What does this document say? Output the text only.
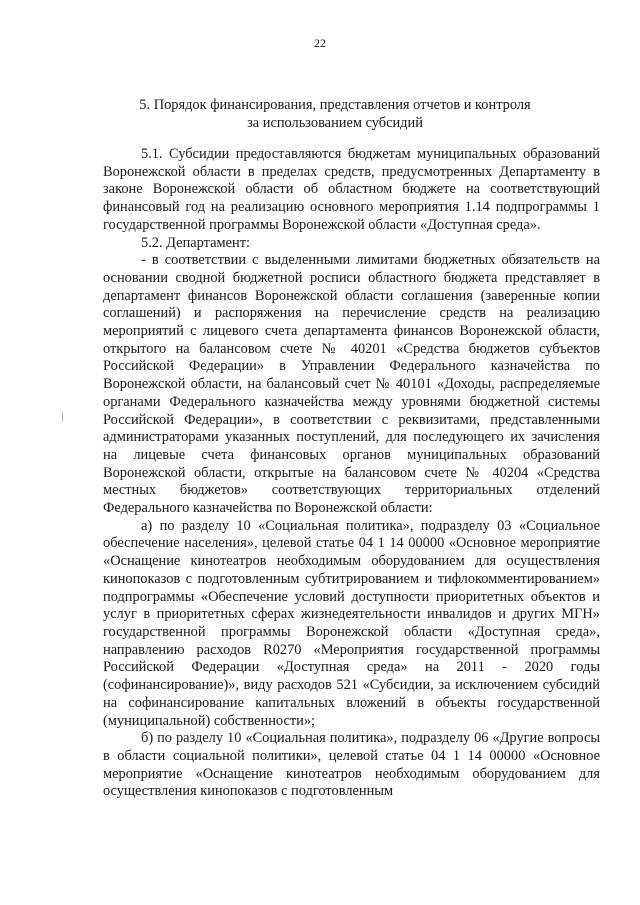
22
5. Порядок финансирования, представления отчетов и контроля
за использованием субсидий

5.1. Субсидии предоставляются бюджетам муниципальных образований Воронежской области в пределах средств, предусмотренных Департаменту в законе Воронежской области об областном бюджете на соответствующий финансовый год на реализацию основного мероприятия 1.14 подпрограммы 1 государственной программы Воронежской области «Доступная среда».

5.2. Департамент:

- в соответствии с выделенными лимитами бюджетных обязательств на основании сводной бюджетной росписи областного бюджета представляет в департамент финансов Воронежской области соглашения (заверенные копии соглашений) и распоряжения на перечисление средств на реализацию мероприятий с лицевого счета департамента финансов Воронежской области, открытого на балансовом счете № 40201 «Средства бюджетов субъектов Российской Федерации» в Управлении Федерального казначейства по Воронежской области, на балансовый счет № 40101 «Доходы, распределяемые органами Федерального казначейства между уровнями бюджетной системы Российской Федерации», в соответствии с реквизитами, представленными администраторами указанных поступлений, для последующего их зачисления на лицевые счета финансовых органов муниципальных образований Воронежской области, открытые на балансовом счете № 40204 «Средства местных бюджетов» соответствующих территориальных отделений Федерального казначейства по Воронежской области:

а) по разделу 10 «Социальная политика», подразделу 03 «Социальное обеспечение населения», целевой статье 04 1 14 00000 «Основное мероприятие «Оснащение кинотеатров необходимым оборудованием для осуществления кинопоказов с подготовленным субтитрированием и тифлокомментированием» подпрограммы «Обеспечение условий доступности приоритетных объектов и услуг в приоритетных сферах жизнедеятельности инвалидов и других МГН» государственной программы Воронежской области «Доступная среда», направлению расходов R0270 «Мероприятия государственной программы Российской Федерации «Доступная среда» на 2011 - 2020 годы (софинансирование)», виду расходов 521 «Субсидии, за исключением субсидий на софинансирование капитальных вложений в объекты государственной (муниципальной) собственности»;

б) по разделу 10 «Социальная политика», подразделу 06 «Другие вопросы в области социальной политики», целевой статье 04 1 14 00000 «Основное мероприятие «Оснащение кинотеатров необходимым оборудованием для осуществления кинопоказов с подготовленным
